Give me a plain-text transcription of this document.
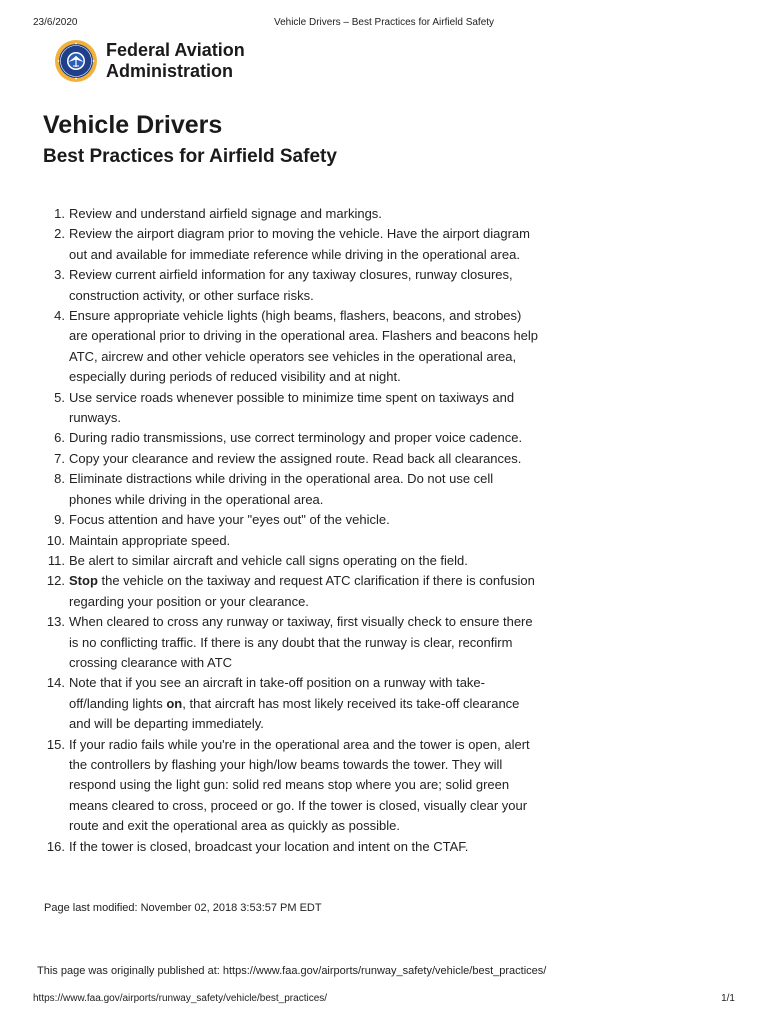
23/6/2020	Vehicle Drivers – Best Practices for Airfield Safety
Federal Aviation
Administration
Vehicle Drivers
Best Practices for Airfield Safety
Review and understand airfield signage and markings.
Review the airport diagram prior to moving the vehicle. Have the airport diagram out and available for immediate reference while driving in the operational area.
Review current airfield information for any taxiway closures, runway closures, construction activity, or other surface risks.
Ensure appropriate vehicle lights (high beams, flashers, beacons, and strobes) are operational prior to driving in the operational area. Flashers and beacons help ATC, aircrew and other vehicle operators see vehicles in the operational area, especially during periods of reduced visibility and at night.
Use service roads whenever possible to minimize time spent on taxiways and runways.
During radio transmissions, use correct terminology and proper voice cadence.
Copy your clearance and review the assigned route. Read back all clearances.
Eliminate distractions while driving in the operational area. Do not use cell phones while driving in the operational area.
Focus attention and have your "eyes out" of the vehicle.
Maintain appropriate speed.
Be alert to similar aircraft and vehicle call signs operating on the field.
Stop the vehicle on the taxiway and request ATC clarification if there is confusion regarding your position or your clearance.
When cleared to cross any runway or taxiway, first visually check to ensure there is no conflicting traffic. If there is any doubt that the runway is clear, reconfirm crossing clearance with ATC
Note that if you see an aircraft in take-off position on a runway with take-off/landing lights on, that aircraft has most likely received its take-off clearance and will be departing immediately.
If your radio fails while you're in the operational area and the tower is open, alert the controllers by flashing your high/low beams towards the tower. They will respond using the light gun: solid red means stop where you are; solid green means cleared to cross, proceed or go. If the tower is closed, visually clear your route and exit the operational area as quickly as possible.
If the tower is closed, broadcast your location and intent on the CTAF.
Page last modified: November 02, 2018 3:53:57 PM EDT
This page was originally published at: https://www.faa.gov/airports/runway_safety/vehicle/best_practices/
https://www.faa.gov/airports/runway_safety/vehicle/best_practices/	1/1
